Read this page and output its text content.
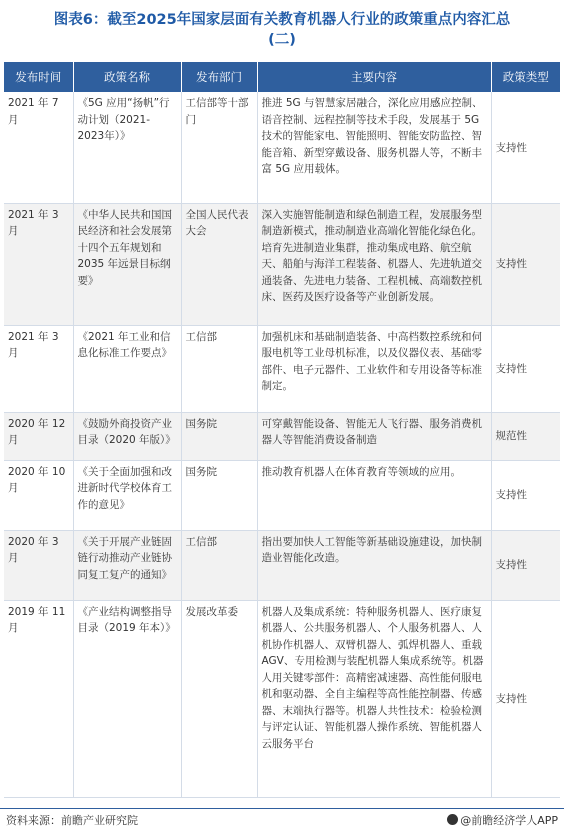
图表6：截至2025年国家层面有关教育机器人行业的政策重点内容汇总
(二)
发布时间	政策名称	发布部门	主要内容	政策类型
2021 年 7 月	《5G 应用“扬帆”行动计划（2021-2023年）》	工信部等十部门	推进 5G 与智慧家居融合，深化应用感应控制、语音控制、远程控制等技术手段，发展基于 5G 技术的智能家电、智能照明、智能安防监控、智能音箱、新型穿戴设备、服务机器人等，不断丰富 5G 应用载体。	支持性
2021 年 3 月	《中华人民共和国国民经济和社会发展第十四个五年规划和 2035 年远景目标纲要》	全国人民代表大会	深入实施智能制造和绿色制造工程，发展服务型制造新模式，推动制造业高端化智能化绿色化。培育先进制造业集群，推动集成电路、航空航天、船舶与海洋工程装备、机器人、先进轨道交通装备、先进电力装备、工程机械、高端数控机床、医药及医疗设备等产业创新发展。	支持性
2021 年 3 月	《2021 年工业和信息化标准工作要点》	工信部	加强机床和基础制造装备、中高档数控系统和伺服电机等工业母机标准，以及仪器仪表、基础零部件、电子元器件、工业软件和专用设备等标准制定。	支持性
2020 年 12 月	《鼓励外商投资产业目录（2020 年版）》	国务院	可穿戴智能设备、智能无人飞行器、服务消费机器人等智能消费设备制造	规范性
2020 年 10 月	《关于全面加强和改进新时代学校体育工作的意见》	国务院	推动教育机器人在体育教育等领域的应用。	支持性
2020 年 3 月	《关于开展产业链固链行动推动产业链协同复工复产的通知》	工信部	指出要加快人工智能等新基础设施建设，加快制造业智能化改造。	支持性
2019 年 11 月	《产业结构调整指导目录（2019 年本）》	发展改革委	机器人及集成系统：特种服务机器人、医疗康复机器人、公共服务机器人、个人服务机器人、人机协作机器人、双臂机器人、弧焊机器人、重载 AGV、专用检测与装配机器人集成系统等。机器人用关键零部件：高精密减速器、高性能伺服电机和驱动器、全自主编程等高性能控制器、传感器、末端执行器等。机器人共性技术：检验检测与评定认证、智能机器人操作系统、智能机器人云服务平台	支持性
资料来源：前瞻产业研究院	@前瞻经济学人APP
